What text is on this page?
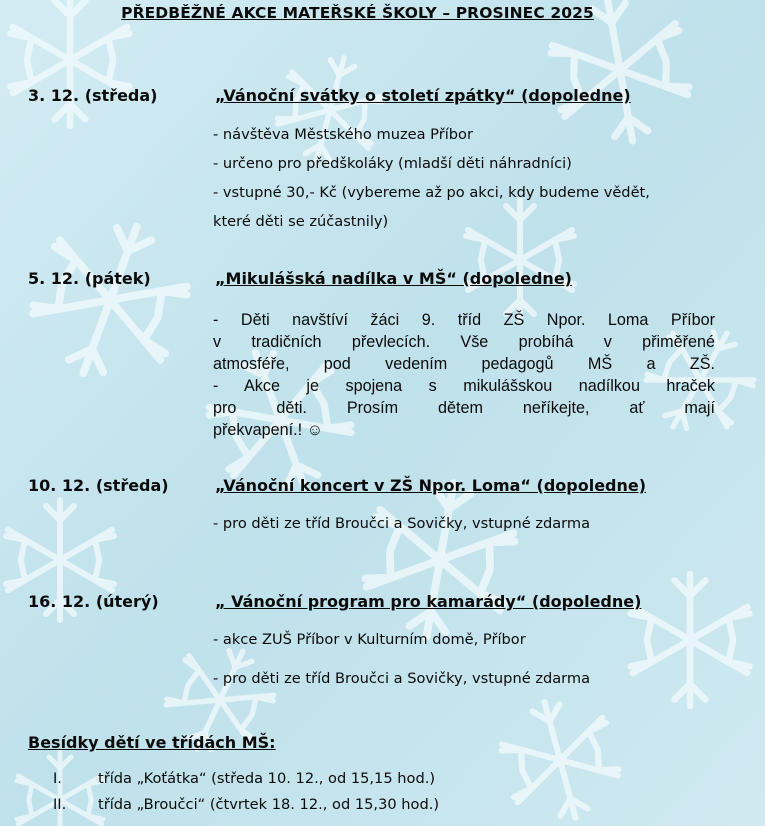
PŘEDBĚŽNÉ AKCE MATEŘSKÉ ŠKOLY – PROSINEC 2025
3. 12. (středa)	„Vánoční svátky o století zpátky“ (dopoledne)
- návštěva Městského muzea Příbor
- určeno pro předškoláky (mladší děti náhradníci)
- vstupné 30,- Kč (vybereme až po akci, kdy budeme vědět,
které děti se zúčastnily)
5. 12. (pátek)	„Mikulášská nadílka v MŠ“ (dopoledne)

- Děti navštíví žáci 9. tříd ZŠ Npor. Loma Příbor

v tradičních převlecích. Vše probíhá v přiměřené

atmosféře, pod vedením pedagogů MŠ a ZŠ.

- Akce je spojena s mikulášskou nadílkou hraček

pro děti. Prosím dětem neříkejte, ať mají

překvapení.! ☺

10. 12. (středa)	„Vánoční koncert v ZŠ Npor. Loma“ (dopoledne)
- pro děti ze tříd Broučci a Sovičky, vstupné zdarma
16. 12. (úterý)	„ Vánoční program pro kamarády“ (dopoledne)
- akce ZUŠ Příbor v Kulturním domě, Příbor
- pro děti ze tříd Broučci a Sovičky, vstupné zdarma
Besídky dětí ve třídách MŠ:
I. třída „Koťátka“ (středa 10. 12., od 15,15 hod.)
II. třída „Broučci“ (čtvrtek 18. 12., od 15,30 hod.)
